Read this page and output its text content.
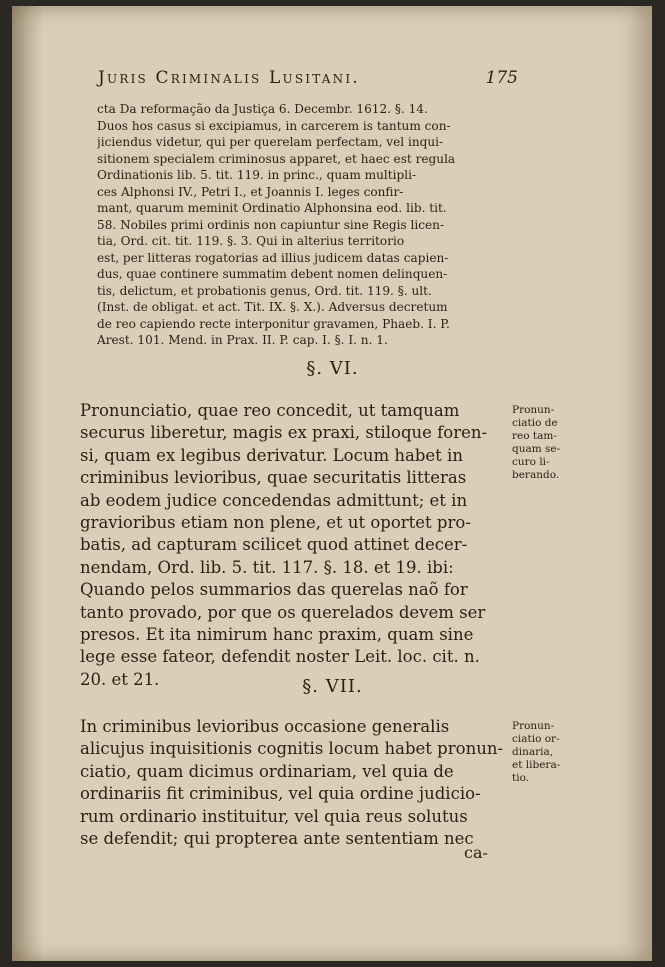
Juris Criminalis Lusitani.	175
cta Da reformação da Justiça 6. Decembr. 1612. §. 14.
Duos hos casus si excipiamus, in carcerem is tantum con-
jiciendus videtur, qui per querelam perfectam, vel inqui-
sitionem specialem criminosus apparet, et haec est regula
Ordinationis lib. 5. tit. 119. in princ., quam multipli-
ces Alphonsi IV., Petri I., et Joannis I. leges confir-
mant, quarum meminit Ordinatio Alphonsina eod. lib. tit.
58. Nobiles primi ordinis non capiuntur sine Regis licen-
tia, Ord. cit. tit. 119. §. 3. Qui in alterius territorio
est, per litteras rogatorias ad illius judicem datas capien-
dus, quae continere summatim debent nomen delinquen-
tis, delictum, et probationis genus, Ord. tit. 119. §. ult.
(Inst. de obligat. et act. Tit. IX. §. X.). Adversus decretum
de reo capiendo recte interponitur gravamen, Phaeb. I. P.
Arest. 101. Mend. in Prax. II. P. cap. I. §. I. n. 1.
§. VI.
Pronunciatio, quae reo concedit, ut tamquam
securus liberetur, magis ex praxi, stiloque foren-
si, quam ex legibus derivatur. Locum habet in
criminibus levioribus, quae securitatis litteras
ab eodem judice concedendas admittunt; et in
gravioribus etiam non plene, et ut oportet pro-
batis, ad capturam scilicet quod attinet decer-
nendam, Ord. lib. 5. tit. 117. §. 18. et 19. ibi:
Quando pelos summarios das querelas naõ for
tanto provado, por que os querelados devem ser
presos. Et ita nimirum hanc praxim, quam sine
lege esse fateor, defendit noster Leit. loc. cit. n.
20. et 21.
Pronun-
ciatio de
reo tam-
quam se-
curo li-
berando.
§. VII.
In criminibus levioribus occasione generalis
alicujus inquisitionis cognitis locum habet pronun-
ciatio, quam dicimus ordinariam, vel quia de
ordinariis fit criminibus, vel quia ordine judicio-
rum ordinario instituitur, vel quia reus solutus
se defendit; qui propterea ante sententiam nec
Pronun-
ciatio or-
dinaria,
et libera-
tio.
ca-
